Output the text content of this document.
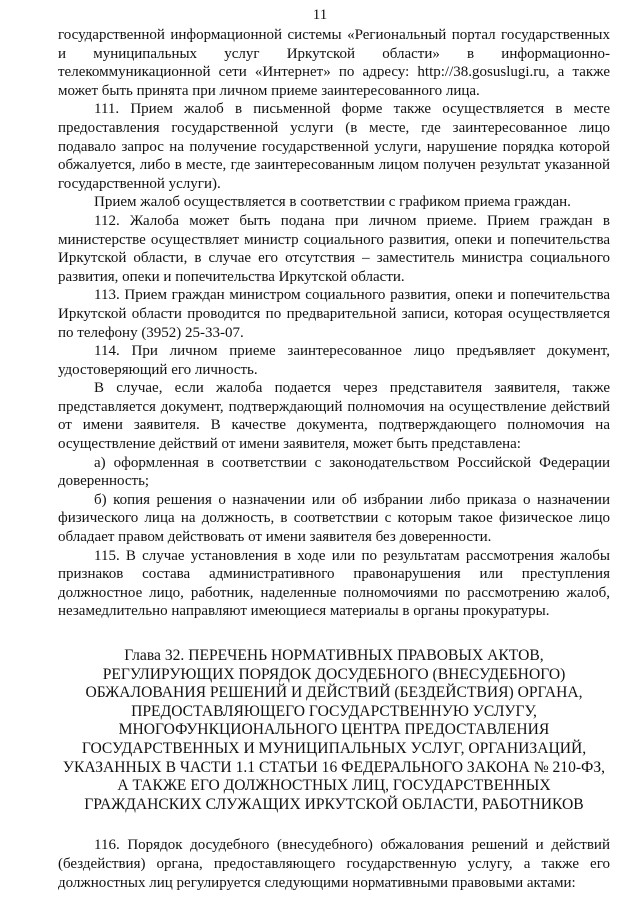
11

государственной информационной системы «Региональный портал государственных и муниципальных услуг Иркутской области» в информационно-телекоммуникационной сети «Интернет» по адресу: http://38.gosuslugi.ru, а также может быть принята при личном приеме заинтересованного лица.

111. Прием жалоб в письменной форме также осуществляется в месте предоставления государственной услуги (в месте, где заинтересованное лицо подавало запрос на получение государственной услуги, нарушение порядка которой обжалуется, либо в месте, где заинтересованным лицом получен результат указанной государственной услуги).

Прием жалоб осуществляется в соответствии с графиком приема граждан.

112. Жалоба может быть подана при личном приеме. Прием граждан в министерстве осуществляет министр социального развития, опеки и попечительства Иркутской области, в случае его отсутствия – заместитель министра социального развития, опеки и попечительства Иркутской области.

113. Прием граждан министром социального развития, опеки и попечительства Иркутской области проводится по предварительной записи, которая осуществляется по телефону (3952) 25-33-07.

114. При личном приеме заинтересованное лицо предъявляет документ, удостоверяющий его личность.

В случае, если жалоба подается через представителя заявителя, также представляется документ, подтверждающий полномочия на осуществление действий от имени заявителя. В качестве документа, подтверждающего полномочия на осуществление действий от имени заявителя, может быть представлена:

а) оформленная в соответствии с законодательством Российской Федерации доверенность;

б) копия решения о назначении или об избрании либо приказа о назначении физического лица на должность, в соответствии с которым такое физическое лицо обладает правом действовать от имени заявителя без доверенности.

115. В случае установления в ходе или по результатам рассмотрения жалобы признаков состава административного правонарушения или преступления должностное лицо, работник, наделенные полномочиями по рассмотрению жалоб, незамедлительно направляют имеющиеся материалы в органы прокуратуры.

Глава 32. ПЕРЕЧЕНЬ НОРМАТИВНЫХ ПРАВОВЫХ АКТОВ, РЕГУЛИРУЮЩИХ ПОРЯДОК ДОСУДЕБНОГО (ВНЕСУДЕБНОГО) ОБЖАЛОВАНИЯ РЕШЕНИЙ И ДЕЙСТВИЙ (БЕЗДЕЙСТВИЯ) ОРГАНА, ПРЕДОСТАВЛЯЮЩЕГО ГОСУДАРСТВЕННУЮ УСЛУГУ, МНОГОФУНКЦИОНАЛЬНОГО ЦЕНТРА ПРЕДОСТАВЛЕНИЯ ГОСУДАРСТВЕННЫХ И МУНИЦИПАЛЬНЫХ УСЛУГ, ОРГАНИЗАЦИЙ, УКАЗАННЫХ В ЧАСТИ 1.1 СТАТЬИ 16 ФЕДЕРАЛЬНОГО ЗАКОНА № 210-ФЗ, А ТАКЖЕ ЕГО ДОЛЖНОСТНЫХ ЛИЦ, ГОСУДАРСТВЕННЫХ ГРАЖДАНСКИХ СЛУЖАЩИХ ИРКУТСКОЙ ОБЛАСТИ, РАБОТНИКОВ

116. Порядок досудебного (внесудебного) обжалования решений и действий (бездействия) органа, предоставляющего государственную услугу, а также его должностных лиц регулируется следующими нормативными правовыми актами:
